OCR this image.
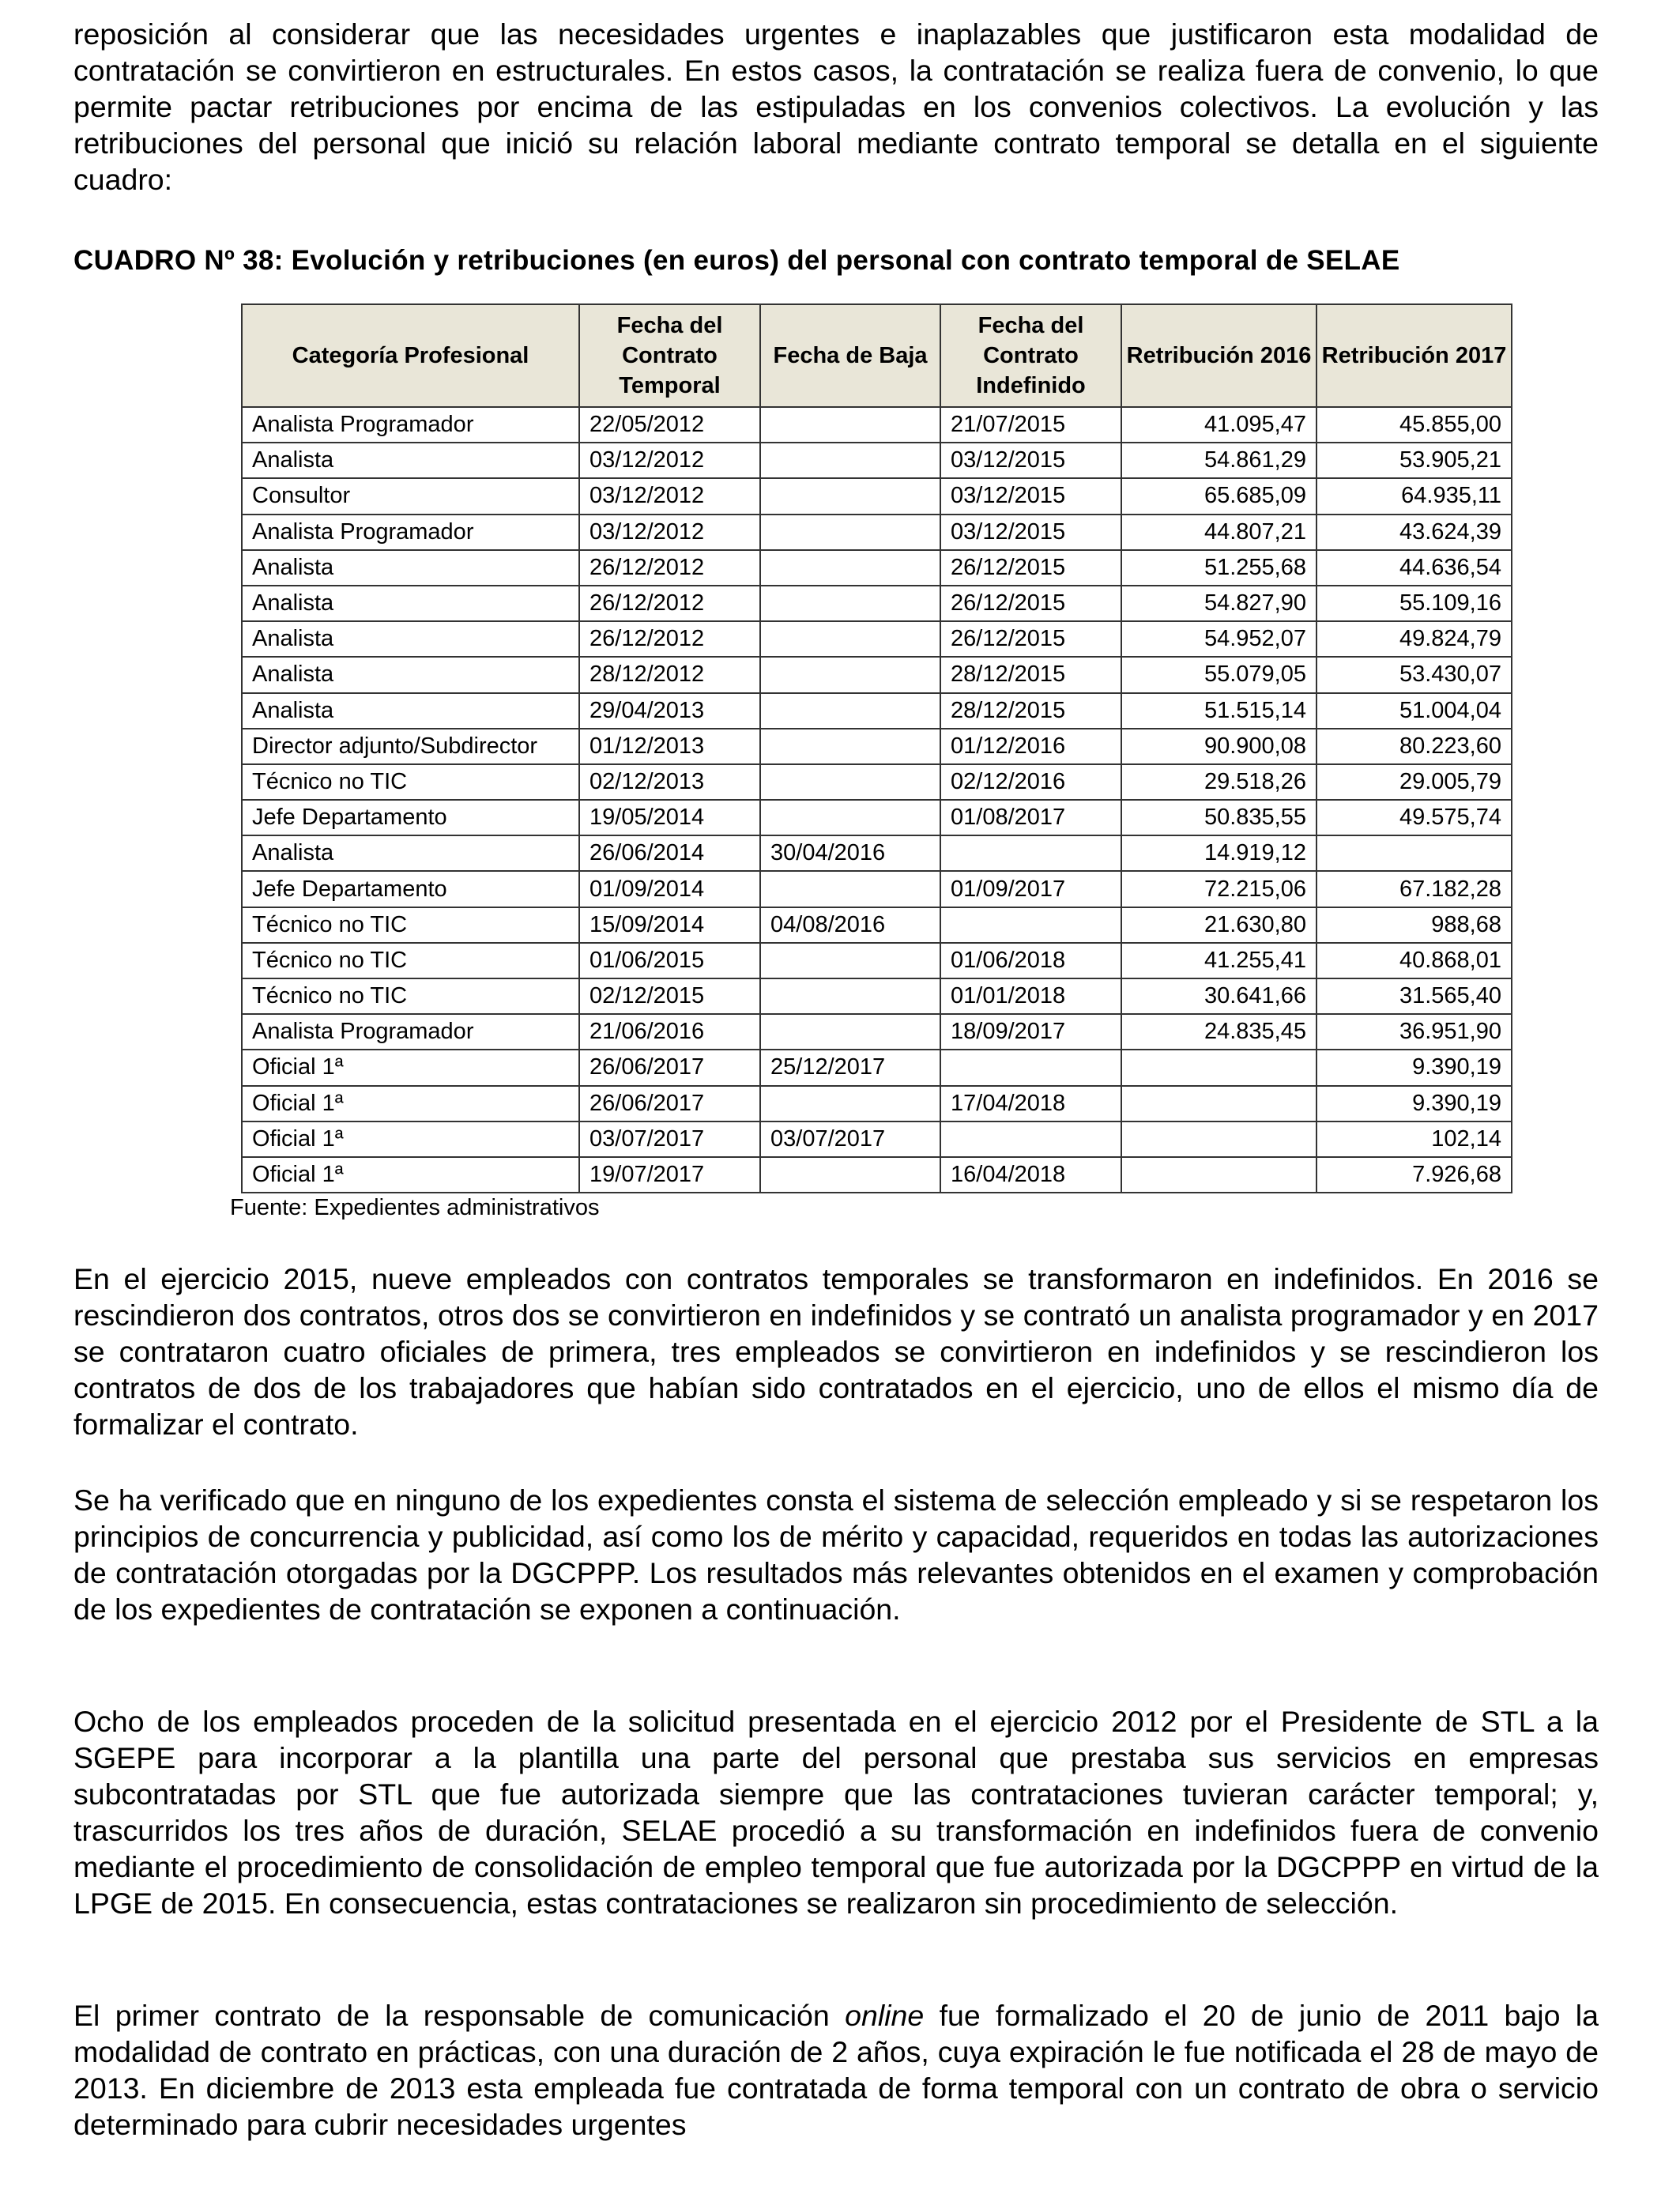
reposición al considerar que las necesidades urgentes e inaplazables que justificaron esta modalidad de contratación se convirtieron en estructurales. En estos casos, la contratación se realiza fuera de convenio, lo que permite pactar retribuciones por encima de las estipuladas en los convenios colectivos. La evolución y las retribuciones del personal que inició su relación laboral mediante contrato temporal se detalla en el siguiente cuadro:

CUADRO Nº 38: Evolución y retribuciones (en euros) del personal con contrato temporal de SELAE
Categoría Profesional	Fecha del Contrato Temporal	Fecha de Baja	Fecha del Contrato Indefinido	Retribución 2016	Retribución 2017
Analista Programador	22/05/2012		21/07/2015	41.095,47	45.855,00
Analista	03/12/2012		03/12/2015	54.861,29	53.905,21
Consultor	03/12/2012		03/12/2015	65.685,09	64.935,11
Analista Programador	03/12/2012		03/12/2015	44.807,21	43.624,39
Analista	26/12/2012		26/12/2015	51.255,68	44.636,54
Analista	26/12/2012		26/12/2015	54.827,90	55.109,16
Analista	26/12/2012		26/12/2015	54.952,07	49.824,79
Analista	28/12/2012		28/12/2015	55.079,05	53.430,07
Analista	29/04/2013		28/12/2015	51.515,14	51.004,04
Director adjunto/Subdirector	01/12/2013		01/12/2016	90.900,08	80.223,60
Técnico no TIC	02/12/2013		02/12/2016	29.518,26	29.005,79
Jefe Departamento	19/05/2014		01/08/2017	50.835,55	49.575,74
Analista	26/06/2014	30/04/2016		14.919,12	
Jefe Departamento	01/09/2014		01/09/2017	72.215,06	67.182,28
Técnico no TIC	15/09/2014	04/08/2016		21.630,80	988,68
Técnico no TIC	01/06/2015		01/06/2018	41.255,41	40.868,01
Técnico no TIC	02/12/2015		01/01/2018	30.641,66	31.565,40
Analista Programador	21/06/2016		18/09/2017	24.835,45	36.951,90
Oficial 1ª	26/06/2017	25/12/2017			9.390,19
Oficial 1ª	26/06/2017		17/04/2018		9.390,19
Oficial 1ª	03/07/2017	03/07/2017			102,14
Oficial 1ª	19/07/2017		16/04/2018		7.926,68
Fuente: Expedientes administrativos

En el ejercicio 2015, nueve empleados con contratos temporales se transformaron en indefinidos. En 2016 se rescindieron dos contratos, otros dos se convirtieron en indefinidos y se contrató un analista programador y en 2017 se contrataron cuatro oficiales de primera, tres empleados se convirtieron en indefinidos y se rescindieron los contratos de dos de los trabajadores que habían sido contratados en el ejercicio, uno de ellos el mismo día de formalizar el contrato.

Se ha verificado que en ninguno de los expedientes consta el sistema de selección empleado y si se respetaron los principios de concurrencia y publicidad, así como los de mérito y capacidad, requeridos en todas las autorizaciones de contratación otorgadas por la DGCPPP. Los resultados más relevantes obtenidos en el examen y comprobación de los expedientes de contratación se exponen a continuación.

Ocho de los empleados proceden de la solicitud presentada en el ejercicio 2012 por el Presidente de STL a la SGEPE para incorporar a la plantilla una parte del personal que prestaba sus servicios en empresas subcontratadas por STL que fue autorizada siempre que las contrataciones tuvieran carácter temporal; y, trascurridos los tres años de duración, SELAE procedió a su transformación en indefinidos fuera de convenio mediante el procedimiento de consolidación de empleo temporal que fue autorizada por la DGCPPP en virtud de la LPGE de 2015. En consecuencia, estas contrataciones se realizaron sin procedimiento de selección.

El primer contrato de la responsable de comunicación online fue formalizado el 20 de junio de 2011 bajo la modalidad de contrato en prácticas, con una duración de 2 años, cuya expiración le fue notificada el 28 de mayo de 2013. En diciembre de 2013 esta empleada fue contratada de forma temporal con un contrato de obra o servicio determinado para cubrir necesidades urgentes
